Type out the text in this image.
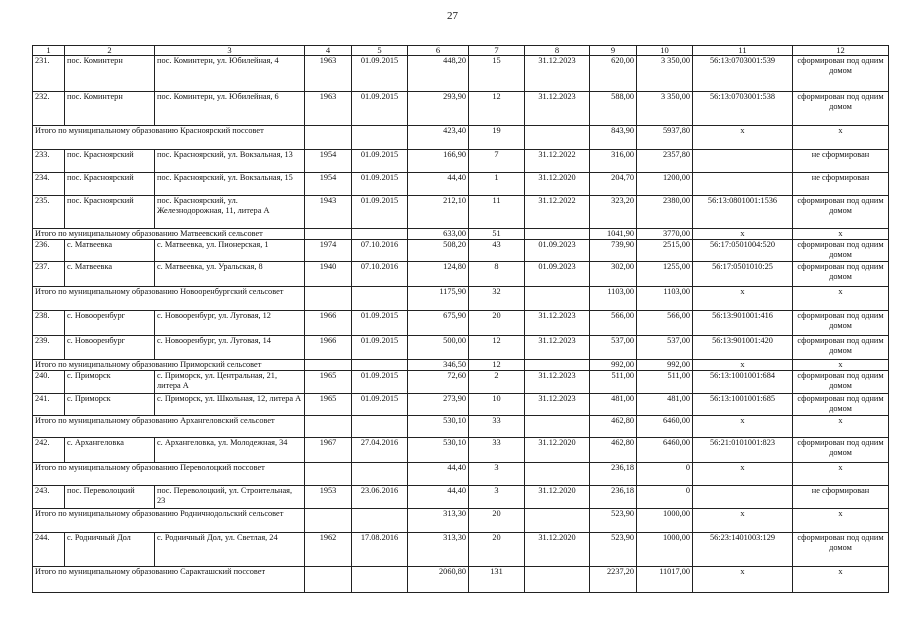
27
1	2	3	4	5	6	7	8	9	10	11	12
231.	пос. Коминтерн	пос. Коминтерн, ул. Юбилейная, 4	1963	01.09.2015	448,20	15	31.12.2023	620,00	3 350,00	56:13:0703001:539	сформирован под одним домом
232.	пос. Коминтерн	пос. Коминтерн, ул. Юбилейная, 6	1963	01.09.2015	293,90	12	31.12.2023	588,00	3 350,00	56:13:0703001:538	сформирован под одним домом
Итого по муниципальному образованию Красноярский поссовет					423,40	19		843,90	5937,80	х	х
233.	пос. Красноярский	пос. Красноярский, ул. Вокзальная, 13	1954	01.09.2015	166,90	7	31.12.2022	316,00	2357,80		не сформирован
234.	пос. Красноярский	пос. Красноярский, ул. Вокзальная, 15	1954	01.09.2015	44,40	1	31.12.2020	204,70	1200,00		не сформирован
235.	пос. Красноярский	пос. Красноярский, ул. Железнодорожная, 11, литера А	1943	01.09.2015	212,10	11	31.12.2022	323,20	2380,00	56:13:0801001:1536	сформирован под одним домом
Итого по муниципальному образованию Матвеевский сельсовет					633,00	51		1041,90	3770,00	х	х
236.	с. Матвеевка	с. Матвеевка, ул. Пионерская, 1	1974	07.10.2016	508,20	43	01.09.2023	739,90	2515,00	56:17:0501004:520	сформирован под одним домом
237.	с. Матвеевка	с. Матвеевка, ул. Уральская, 8	1940	07.10.2016	124,80	8	01.09.2023	302,00	1255,00	56:17:0501010:25	сформирован под одним домом
Итого по муниципальному образованию Новооренбургский сельсовет					1175,90	32		1103,00	1103,00	х	х
238.	с. Новооренбург	с. Новооренбург, ул. Луговая, 12	1966	01.09.2015	675,90	20	31.12.2023	566,00	566,00	56:13:901001:416	сформирован под одним домом
239.	с. Новооренбург	с. Новооренбург, ул. Луговая, 14	1966	01.09.2015	500,00	12	31.12.2023	537,00	537,00	56:13:901001:420	сформирован под одним домом
Итого по муниципальному образованию Приморский сельсовет					346,50	12		992,00	992,00	х	х
240.	с. Приморск	с. Приморск, ул. Центральная, 21, литера А	1965	01.09.2015	72,60	2	31.12.2023	511,00	511,00	56:13:1001001:684	сформирован под одним домом
241.	с. Приморск	с. Приморск, ул. Школьная, 12, литера А	1965	01.09.2015	273,90	10	31.12.2023	481,00	481,00	56:13:1001001:685	сформирован под одним домом
Итого по муниципальному образованию Архангеловский сельсовет					530,10	33		462,80	6460,00	х	х
242.	с. Архангеловка	с. Архангеловка, ул. Молодежная, 34	1967	27.04.2016	530,10	33	31.12.2020	462,80	6460,00	56:21:0101001:823	сформирован под одним домом
Итого по муниципальному образованию Переволоцкий поссовет					44,40	3		236,18	0	х	х
243.	пос. Переволоцкий	пос. Переволоцкий, ул. Строительная, 23	1953	23.06.2016	44,40	3	31.12.2020	236,18	0		не сформирован
Итого по муниципальному образованию Родничнодольский сельсовет					313,30	20		523,90	1000,00	х	х
244.	с. Родничный Дол	с. Родничный Дол, ул. Светлая, 24	1962	17.08.2016	313,30	20	31.12.2020	523,90	1000,00	56:23:1401003:129	сформирован под одним домом
Итого по муниципальному образованию Саракташский поссовет					2060,80	131		2237,20	11017,00	х	х
